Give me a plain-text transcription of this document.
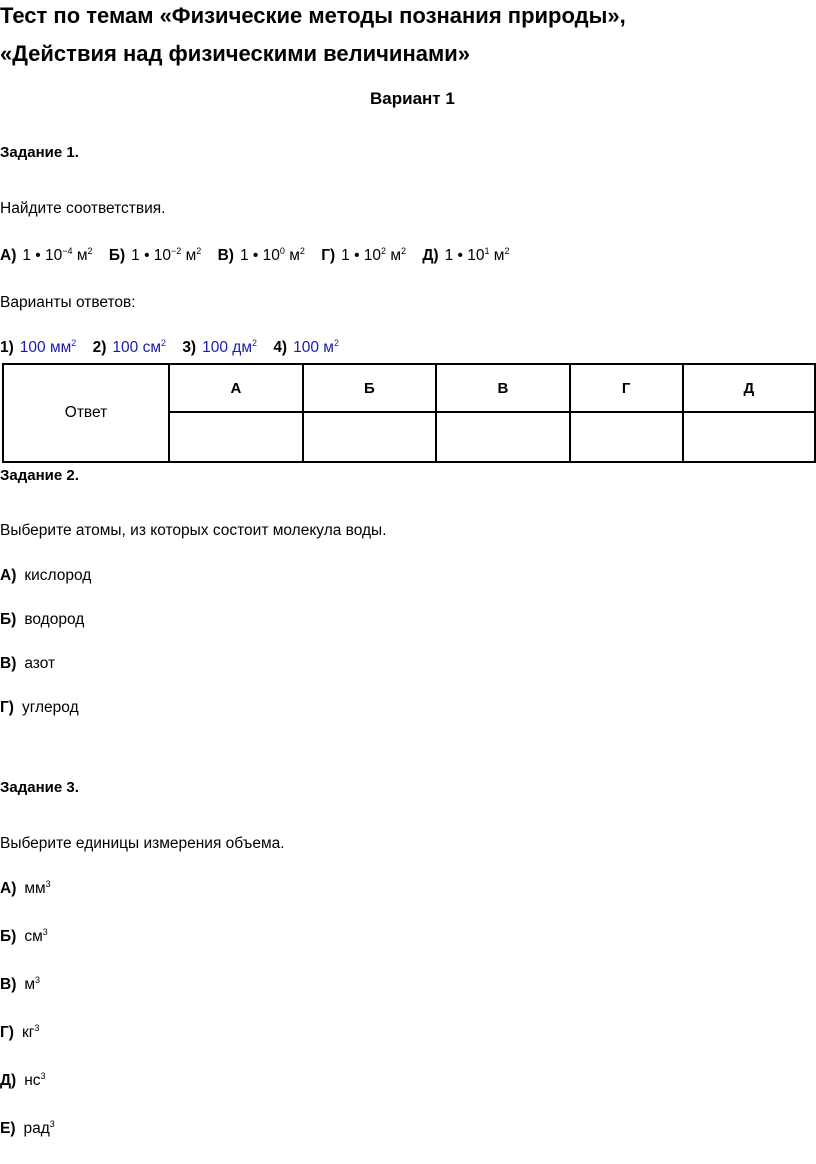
Тест по темам «Физические методы познания природы»,
«Действия над физическими величинами»
Вариант 1
Задание 1.
Найдите соответствия.
А) 1 • $10^{-4}$ $м^2$ Б) 1 • $10^{-2}$ $м^2$ В) 1 • $10^0$ $м^2$ Г) 1 • $10^2$ $м^2$ Д) 1 • $10^1$ $м^2$
Варианты ответов:
1) 100 $мм^2$ 2) 100 $см^2$ 3) 100 $дм^2$ 4) 100 $м^2$
Ответ	А	Б	В	Г	Д

Задание 2.
Выберите атомы, из которых состоит молекула воды.
А) кислород
Б) водород
В) азот
Г) углерод
Задание 3.
Выберите единицы измерения объема.
А) $мм^3$
Б) $см^3$
В) $м^3$
Г) $кг^3$
Д) $нс^3$
Е) рад$^3$
